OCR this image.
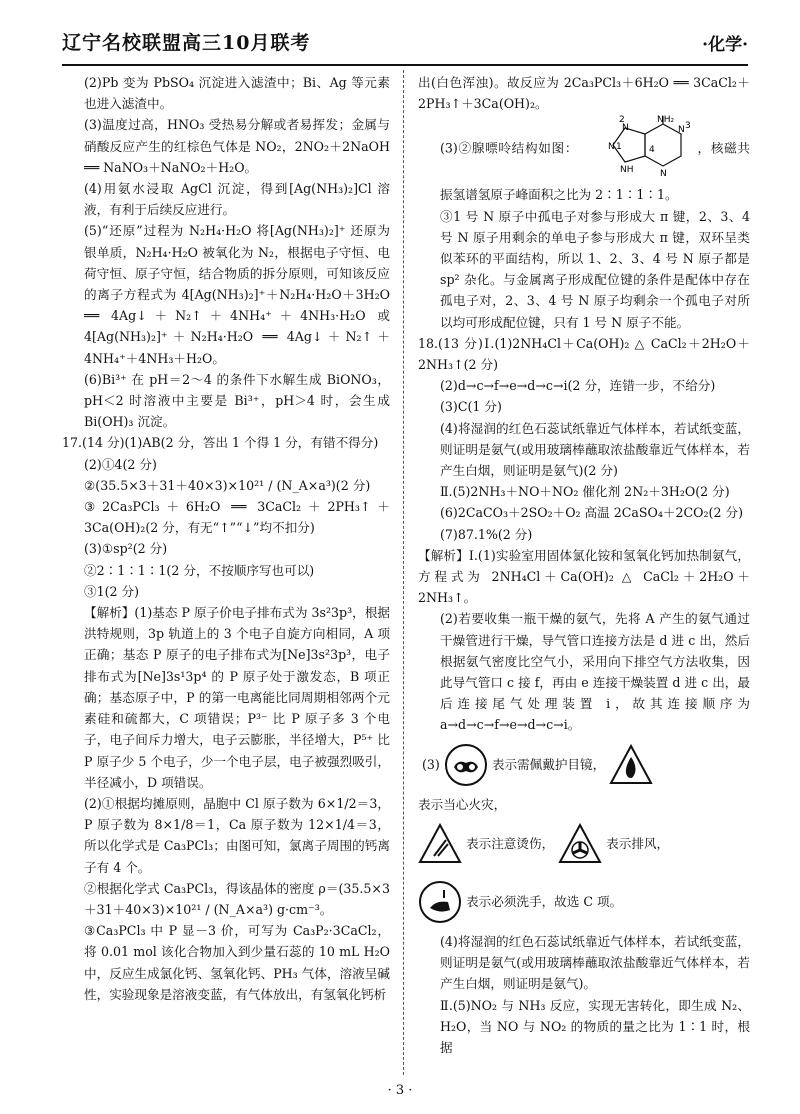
辽宁名校联盟高三10月联考	·化学·

(2)Pb 变为 PbSO₄ 沉淀进入滤渣中；Bi、Ag 等元素也进入滤渣中。

(3)温度过高，HNO₃ 受热易分解或者易挥发；金属与硝酸反应产生的红棕色气体是 NO₂，2NO₂＋2NaOH ══ NaNO₃＋NaNO₂＋H₂O。

(4)用氨水浸取 AgCl 沉淀，得到[Ag(NH₃)₂]Cl 溶液，有利于后续反应进行。

(5)“还原”过程为 N₂H₄·H₂O 将[Ag(NH₃)₂]⁺ 还原为银单质，N₂H₄·H₂O 被氧化为 N₂，根据电子守恒、电荷守恒、原子守恒，结合物质的拆分原则，可知该反应的离子方程式为 4[Ag(NH₃)₂]⁺＋N₂H₄·H₂O＋3H₂O ══ 4Ag↓＋N₂↑＋4NH₄⁺＋4NH₃·H₂O 或 4[Ag(NH₃)₂]⁺＋N₂H₄·H₂O ══ 4Ag↓＋N₂↑＋4NH₄⁺＋4NH₃＋H₂O。

(6)Bi³⁺ 在 pH＝2～4 的条件下水解生成 BiONO₃，pH＜2 时溶液中主要是 Bi³⁺，pH＞4 时，会生成 Bi(OH)₃ 沉淀。

17.(14 分)(1)AB(2 分，答出 1 个得 1 分，有错不得分)

(2)①4(2 分)

②(35.5×3＋31＋40×3)×10²¹ / (N_A×a³)(2 分)

③2Ca₃PCl₃＋6H₂O ══ 3CaCl₂＋2PH₃↑＋3Ca(OH)₂(2 分，有无“↑”“↓”均不扣分)

(3)①sp²(2 分)

②2∶1∶1∶1(2 分，不按顺序写也可以)

③1(2 分)

【解析】(1)基态 P 原子价电子排布式为 3s²3p³，根据洪特规则，3p 轨道上的 3 个电子自旋方向相同，A 项正确；基态 P 原子的电子排布式为[Ne]3s²3p³，电子排布式为[Ne]3s¹3p⁴ 的 P 原子处于激发态，B 项正确；基态原子中，P 的第一电离能比同周期相邻两个元素硅和硫都大，C 项错误；P³⁻ 比 P 原子多 3 个电子，电子间斥力增大，电子云膨胀，半径增大，P⁵⁺ 比 P 原子少 5 个电子，少一个电子层，电子被强烈吸引，半径减小，D 项错误。

(2)①根据均摊原则，晶胞中 Cl 原子数为 6×1/2＝3，P 原子数为 8×1/8＝1，Ca 原子数为 12×1/4＝3，所以化学式是 Ca₃PCl₃；由图可知，氯离子周围的钙离子有 4 个。

②根据化学式 Ca₃PCl₃，得该晶体的密度 ρ＝(35.5×3＋31＋40×3)×10²¹ / (N_A×a³) g·cm⁻³。

③Ca₃PCl₃ 中 P 显－3 价，可写为 Ca₃P₂·3CaCl₂，将 0.01 mol 该化合物加入到少量石蕊的 10 mL H₂O 中，反应生成氯化钙、氢氧化钙、PH₃ 气体，溶液呈碱性，实验现象是溶液变蓝，有气体放出，有氢氧化钙析

出(白色浑浊)。故反应为 2Ca₃PCl₃＋6H₂O ══ 3CaCl₂＋2PH₃↑＋3Ca(OH)₂。

(3)②腺嘌呤结构如图：
NH₂
N
2
N 1
NH
N 3
N
4	，核磁共振氢谱氢原子峰面积之比为 2∶1∶1∶1。

③1 号 N 原子中孤电子对参与形成大 π 键，2、3、4 号 N 原子用剩余的单电子参与形成大 π 键，双环呈类似苯环的平面结构，所以 1、2、3、4 号 N 原子都是 sp² 杂化。与金属离子形成配位键的条件是配体中存在孤电子对，2、3、4 号 N 原子均剩余一个孤电子对所以均可形成配位键，只有 1 号 N 原子不能。

18.(13 分)Ⅰ.(1)2NH₄Cl＋Ca(OH)₂ △ CaCl₂＋2H₂O＋2NH₃↑(2 分)

(2)d→c→f→e→d→c→i(2 分，连错一步，不给分)

(3)C(1 分)

(4)将湿润的红色石蕊试纸靠近气体样本，若试纸变蓝，则证明是氨气(或用玻璃棒蘸取浓盐酸靠近气体样本，若产生白烟，则证明是氨气)(2 分)

Ⅱ.(5)2NH₃＋NO＋NO₂ 催化剂 2N₂＋3H₂O(2 分)

(6)2CaCO₃＋2SO₂＋O₂ 高温 2CaSO₄＋2CO₂(2 分)

(7)87.1%(2 分)

【解析】Ⅰ.(1)实验室用固体氯化铵和氢氧化钙加热制氨气，方程式为 2NH₄Cl＋Ca(OH)₂ △ CaCl₂＋2H₂O＋2NH₃↑。

(2)若要收集一瓶干燥的氨气，先将 A 产生的氨气通过干燥管进行干燥，导气管口连接方法是 d 进 c 出，然后根据氨气密度比空气小，采用向下排空气方法收集，因此导气管口 c 接 f，再由 e 连接干燥装置 d 进 c 出，最后连接尾气处理装置 i，故其连接顺序为 a→d→c→f→e→d→c→i。

(3)	表示需佩戴护目镜，

表示当心火灾，

表示注意烫伤，	表示排风，
表示必须洗手，故选 C 项。

(4)将湿润的红色石蕊试纸靠近气体样本，若试纸变蓝，则证明是氨气(或用玻璃棒蘸取浓盐酸靠近气体样本，若产生白烟，则证明是氨气)。

Ⅱ.(5)NO₂ 与 NH₃ 反应，实现无害转化，即生成 N₂、H₂O，当 NO 与 NO₂ 的物质的量之比为 1∶1 时，根据

· 3 ·
